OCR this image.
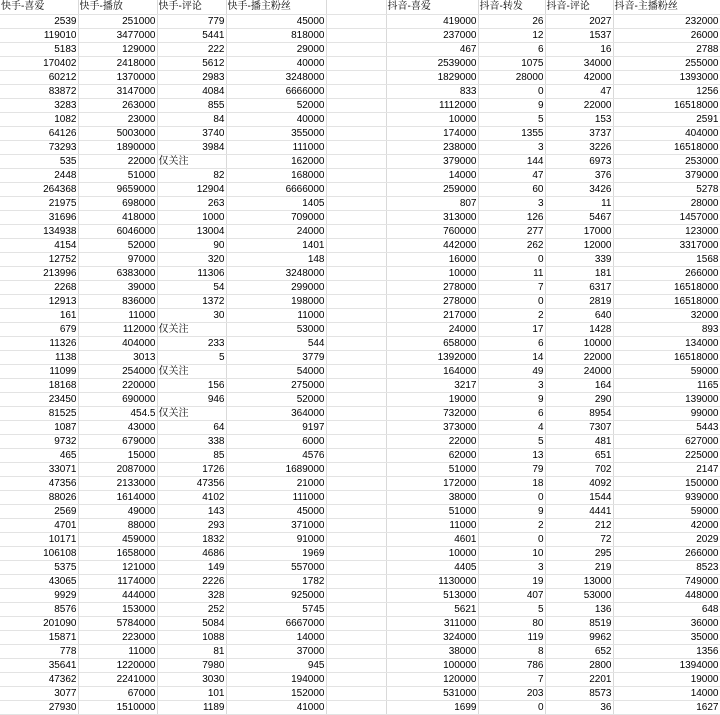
快手-喜爱	快手-播放	快手-评论	快手-播主粉丝		抖音-喜爱	抖音-转发	抖音-评论	抖音-主播粉丝
2539	251000	779	45000		419000	26	2027	232000
119010	3477000	5441	818000		237000	12	1537	26000
5183	129000	222	29000		467	6	16	2788
170402	2418000	5612	40000		2539000	1075	34000	255000
60212	1370000	2983	3248000		1829000	28000	42000	1393000
83872	3147000	4084	6666000		833	0	47	1256
3283	263000	855	52000		1112000	9	22000	16518000
1082	23000	84	40000		10000	5	153	2591
64126	5003000	3740	355000		174000	1355	3737	404000
73293	1890000	3984	111000		238000	3	3226	16518000
535	22000	仅关注	162000		379000	144	6973	253000
2448	51000	82	168000		14000	47	376	379000
264368	9659000	12904	6666000		259000	60	3426	5278
21975	698000	263	1405		807	3	11	28000
31696	418000	1000	709000		313000	126	5467	1457000
134938	6046000	13004	24000		760000	277	17000	123000
4154	52000	90	1401		442000	262	12000	3317000
12752	97000	320	148		16000	0	339	1568
213996	6383000	11306	3248000		10000	11	181	266000
2268	39000	54	299000		278000	7	6317	16518000
12913	836000	1372	198000		278000	0	2819	16518000
161	11000	30	11000		217000	2	640	32000
679	112000	仅关注	53000		24000	17	1428	893
11326	404000	233	544		658000	6	10000	134000
1138	3013	5	3779		1392000	14	22000	16518000
11099	254000	仅关注	54000		164000	49	24000	59000
18168	220000	156	275000		3217	3	164	1165
23450	690000	946	52000		19000	9	290	139000
81525	454.5	仅关注	364000		732000	6	8954	99000
1087	43000	64	9197		373000	4	7307	5443
9732	679000	338	6000		22000	5	481	627000
465	15000	85	4576		62000	13	651	225000
33071	2087000	1726	1689000		51000	79	702	2147
47356	2133000	47356	21000		172000	18	4092	150000
88026	1614000	4102	111000		38000	0	1544	939000
2569	49000	143	45000		51000	9	4441	59000
4701	88000	293	371000		11000	2	212	42000
10171	459000	1832	91000		4601	0	72	2029
106108	1658000	4686	1969		10000	10	295	266000
5375	121000	149	557000		4405	3	219	8523
43065	1174000	2226	1782		1130000	19	13000	749000
9929	444000	328	925000		513000	407	53000	448000
8576	153000	252	5745		5621	5	136	648
201090	5784000	5084	6667000		311000	80	8519	36000
15871	223000	1088	14000		324000	119	9962	35000
778	11000	81	37000		38000	8	652	1356
35641	1220000	7980	945		100000	786	2800	1394000
47362	2241000	3030	194000		120000	7	2201	19000
3077	67000	101	152000		531000	203	8573	14000
27930	1510000	1189	41000		1699	0	36	1627
